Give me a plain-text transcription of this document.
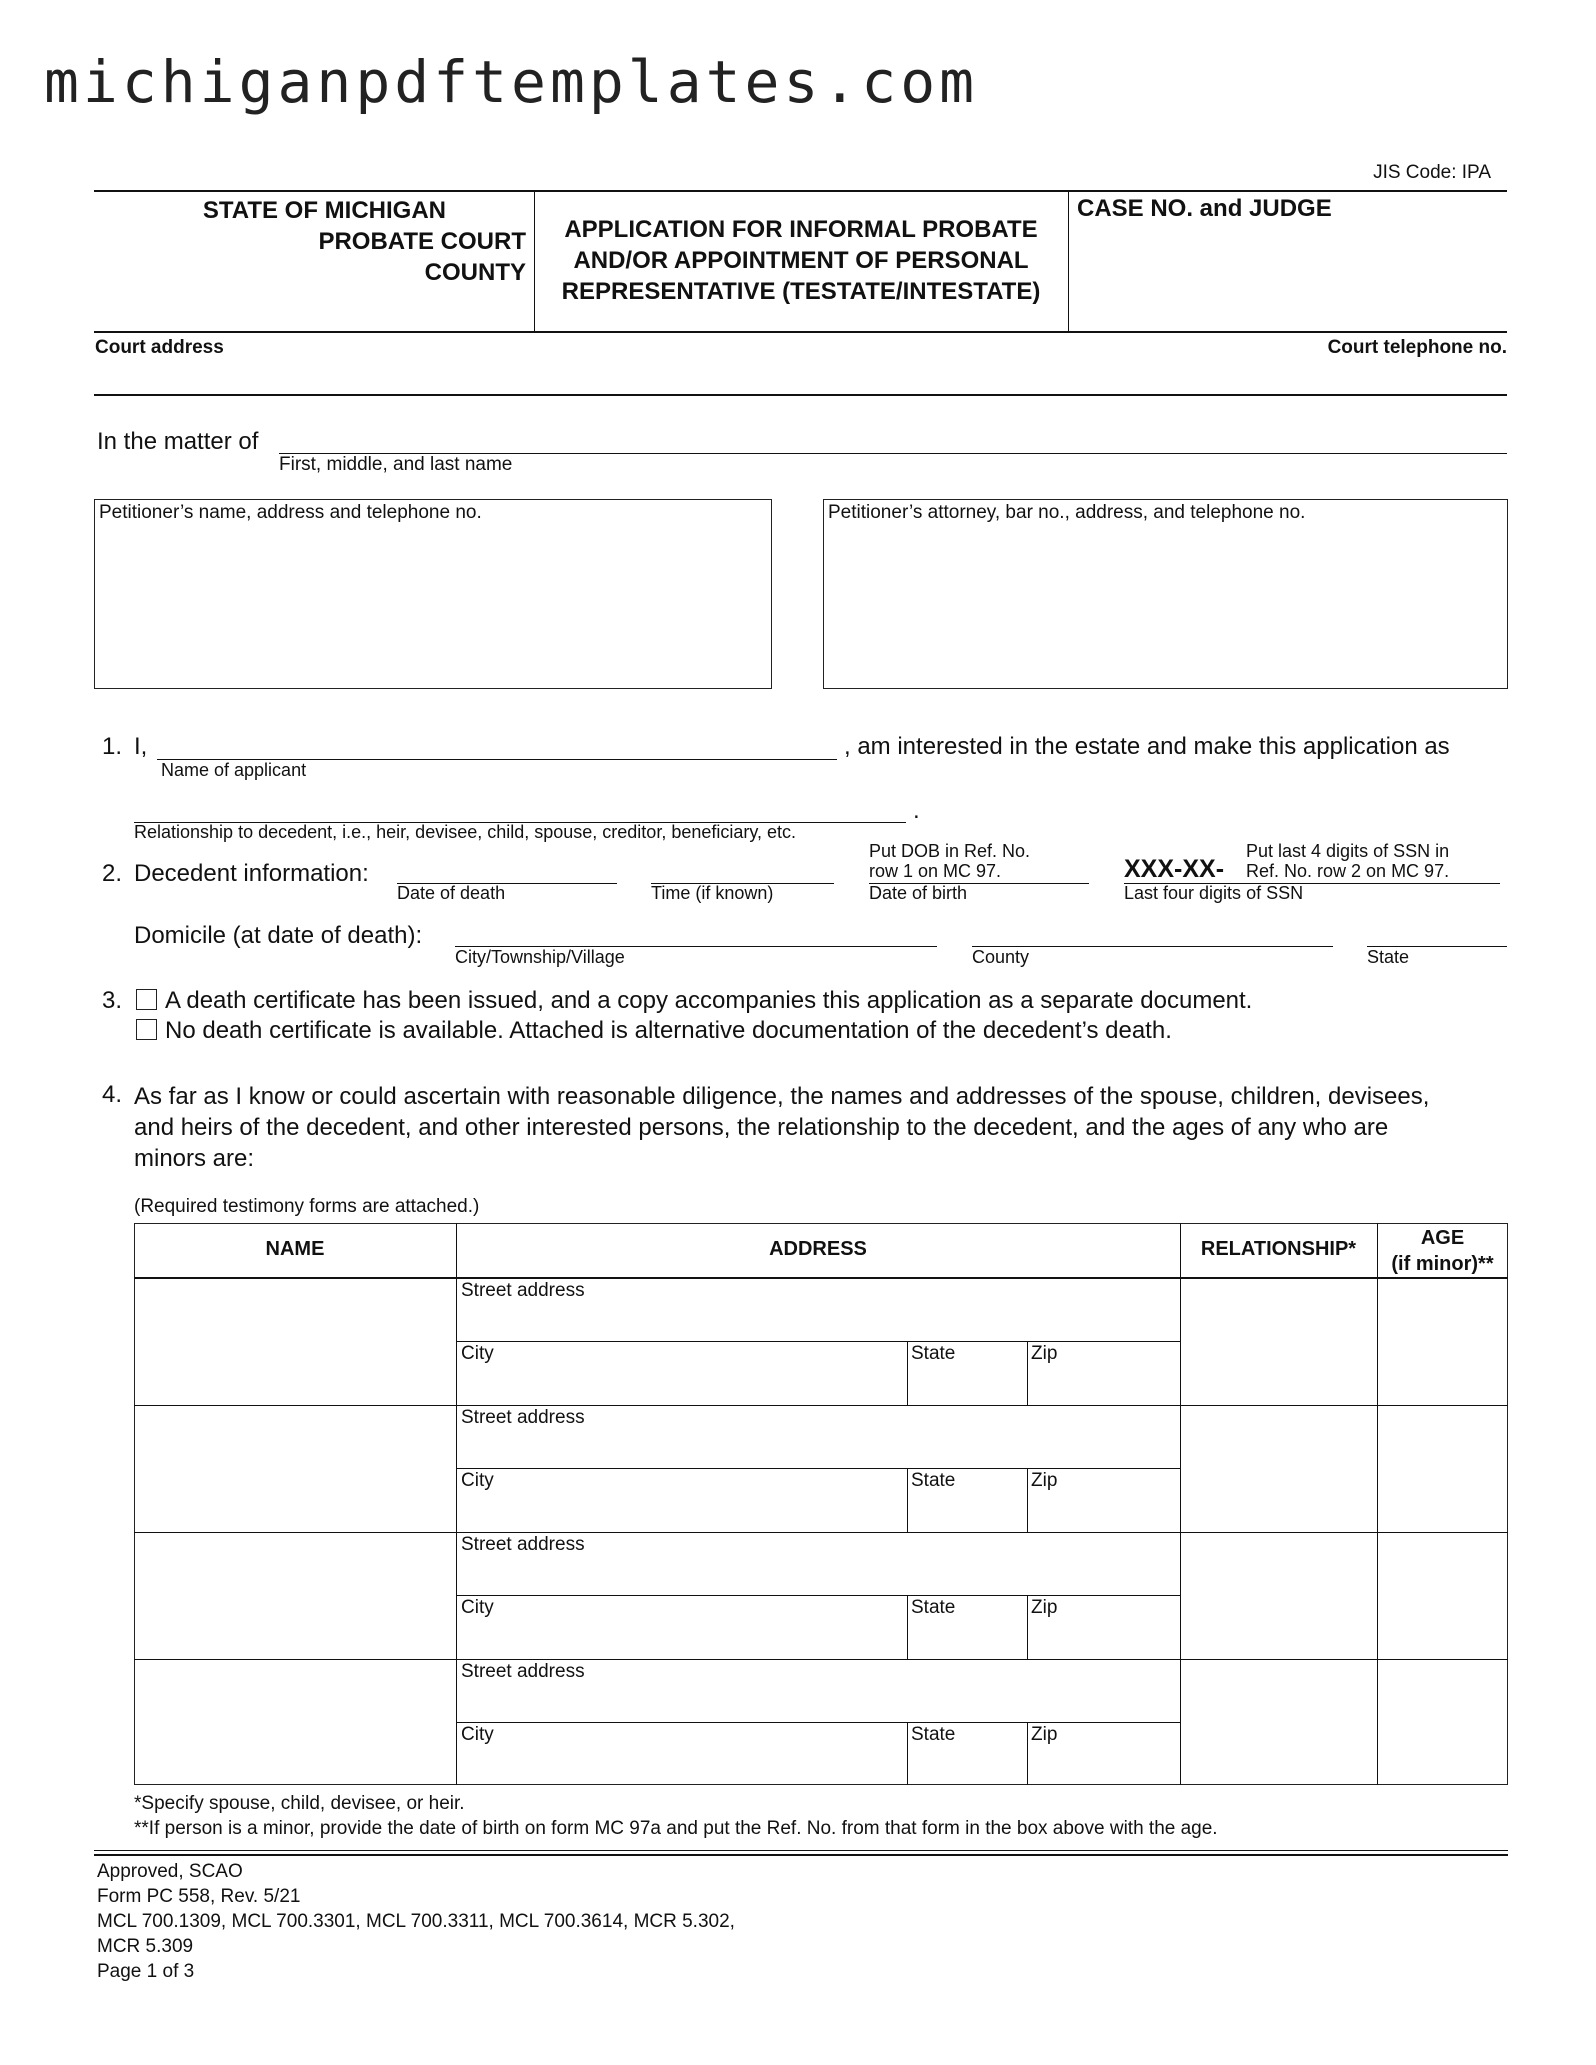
michiganpdftemplates.com
JIS Code: IPA
STATE OF MICHIGAN
PROBATE COURT
COUNTY
APPLICATION FOR INFORMAL PROBATE
AND/OR APPOINTMENT OF PERSONAL
REPRESENTATIVE (TESTATE/INTESTATE)
CASE NO. and JUDGE
Court address	Court telephone no.
In the matter of
First, middle, and last name
Petitioner’s name, address and telephone no.	Petitioner’s attorney, bar no., address, and telephone no.
1. I,
Name of applicant
, am interested in the estate and make this application as
.
Relationship to decedent, i.e., heir, devisee, child, spouse, creditor, beneficiary, etc.
2. Decedent information:
Date of death	Time (if known)
Put DOB in Ref. No.
row 1 on MC 97.
Date of birth
XXX-XX-
Put last 4 digits of SSN in
Ref. No. row 2 on MC 97.
Last four digits of SSN
Domicile (at date of death):
City/Township/Village	County	State
3. A death certificate has been issued, and a copy accompanies this application as a separate document.
No death certificate is available. Attached is alternative documentation of the decedent’s death.
4. As far as I know or could ascertain with reasonable diligence, the names and addresses of the spouse, children, devisees,
and heirs of the decedent, and other interested persons, the relationship to the decedent, and the ages of any who are
minors are:
(Required testimony forms are attached.)
NAME	ADDRESS	RELATIONSHIP*	AGE
(if minor)**
Street address
City	State	Zip
Street address
City	State	Zip
Street address
City	State	Zip
Street address
City	State	Zip
*Specify spouse, child, devisee, or heir.
**If person is a minor, provide the date of birth on form MC 97a and put the Ref. No. from that form in the box above with the age.
Approved, SCAO
Form PC 558, Rev. 5/21
MCL 700.1309, MCL 700.3301, MCL 700.3311, MCL 700.3614, MCR 5.302,
MCR 5.309
Page 1 of 3
